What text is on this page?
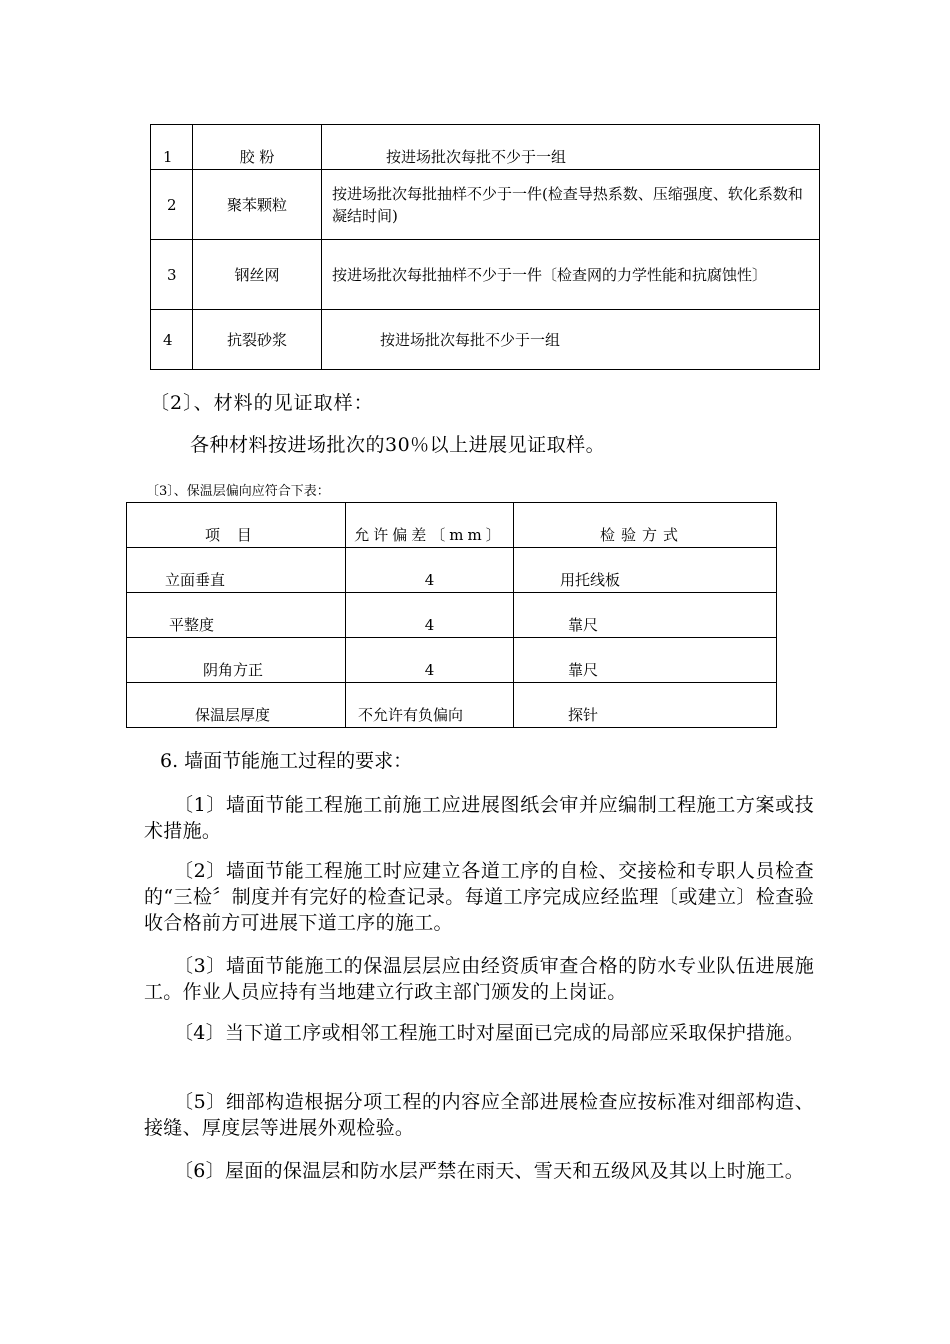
1	胶 粉	按进场批次每批不少于一组
2	聚苯颗粒	按进场批次每批抽样不少于一件(检查导热系数、压缩强度、软化系数和凝结时间)
3	钢丝网	按进场批次每批抽样不少于一件〔检查网的力学性能和抗腐蚀性〕
4	抗裂砂浆	按进场批次每批不少于一组
〔2〕、材料的见证取样：
各种材料按进场批次的30％以上进展见证取样。
〔3〕、保温层偏向应符合下表：
项 目	允许偏差〔mm〕	检验方式
立面垂直	4	用托线板
平整度	4	靠尺
阴角方正	4	靠尺
保温层厚度	不允许有负偏向	探针
6. 墙面节能施工过程的要求：
〔1〕墙面节能工程施工前施工应进展图纸会审并应编制工程施工方案或技术措施。
〔2〕墙面节能工程施工时应建立各道工序的自检、交接检和专职人员检查的“三检〞制度并有完好的检查记录。每道工序完成应经监理〔或建立〕检查验收合格前方可进展下道工序的施工。
〔3〕墙面节能施工的保温层层应由经资质审查合格的防水专业队伍进展施工。作业人员应持有当地建立行政主部门颁发的上岗证。
〔4〕当下道工序或相邻工程施工时对屋面已完成的局部应采取保护措施。
〔5〕细部构造根据分项工程的内容应全部进展检查应按标准对细部构造、接缝、厚度层等进展外观检验。
〔6〕屋面的保温层和防水层严禁在雨天、雪天和五级风及其以上时施工。
